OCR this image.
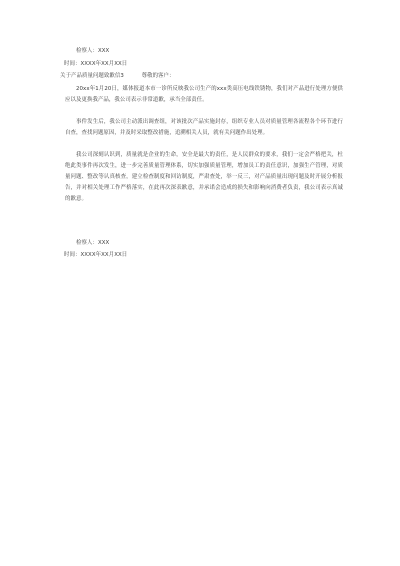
检察人：XXX
时间：XXXX年XX月XX日
关于产品质量问题致歉信3	尊敬的客户：
20xx年1月20日，媒体报道本市一诊所反映我公司生产的xxx类高压电线铁锈物，我们对产品进行处理方便供应以及更换我产品，我公司表示非常道歉，承当全部责任。
事件发生后，我公司主动派出调查组，对该批次产品实施封存，组织专业人员对质量管理各流程各个环节进行自查，查找问题原因，并及时采取整改措施，追溯相关人员，就有关问题作出处理。
我公司深刻认识到，质量就是企业的生命，安全是最大的责任，是人民群众的要求，我们一定会严格把关，杜绝此类事件再次发生，进一步完善质量管理体系，切实加强质量管理，增加员工的责任意识，加强生产管理，对质量问题、整改等认真核查，建立检查制度和回访制度，严肃查处，举一反三，对产品质量出现问题及时开展分析报告，并对相关处理工作严格落实，在此再次深表歉意，并承诺会造成的损失和影响向消费者负责，我公司表示真诚的歉意。
检察人：XXX
时间：XXXX年XX月XX日
